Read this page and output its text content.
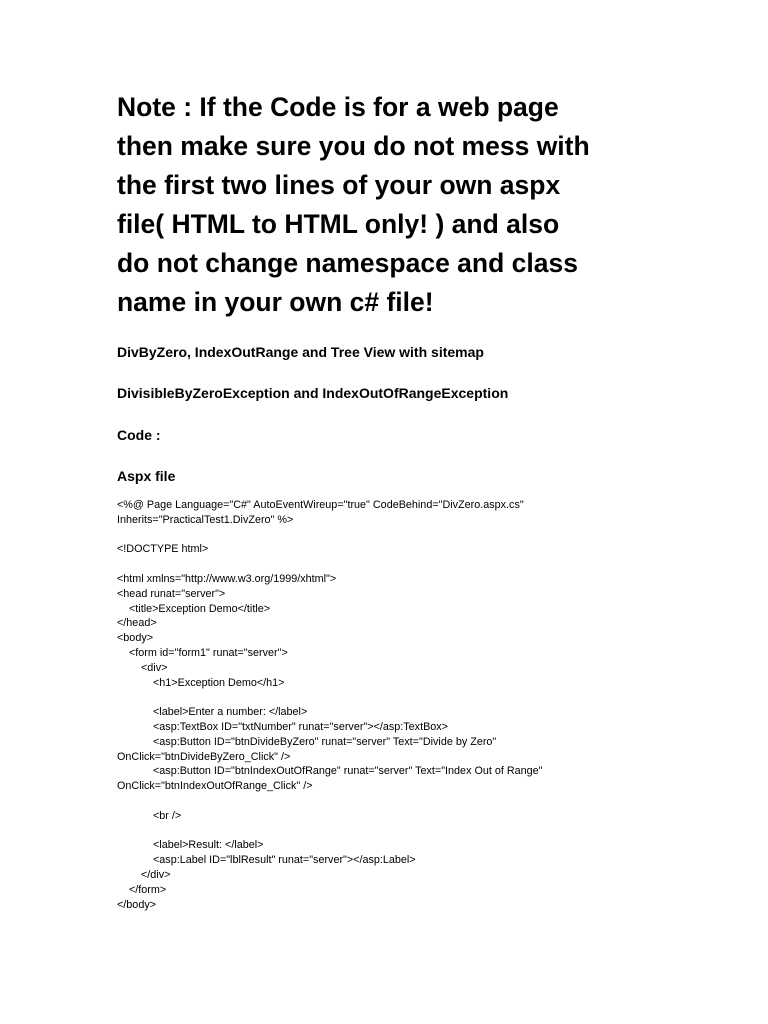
Note : If the Code is for a web page
then make sure you do not mess with
the first two lines of your own aspx
file( HTML to HTML only! ) and also
do not change namespace and class
name in your own c# file!

DivByZero, IndexOutRange and Tree View with sitemap

DivisibleByZeroException and IndexOutOfRangeException

Code :

Aspx file

<%@ Page Language="C#" AutoEventWireup="true" CodeBehind="DivZero.aspx.cs"
Inherits="PracticalTest1.DivZero" %>
<!DOCTYPE html>
<html xmlns="http://www.w3.org/1999/xhtml">
<head runat="server">
<title>Exception Demo</title>
</head>
<body>
<form id="form1" runat="server">
<div>
<h1>Exception Demo</h1>
<label>Enter a number: </label>
<asp:TextBox ID="txtNumber" runat="server"></asp:TextBox>
<asp:Button ID="btnDivideByZero" runat="server" Text="Divide by Zero"
OnClick="btnDivideByZero_Click" />
<asp:Button ID="btnIndexOutOfRange" runat="server" Text="Index Out of Range"
OnClick="btnIndexOutOfRange_Click" />
<br />
<label>Result: </label>
<asp:Label ID="lblResult" runat="server"></asp:Label>
</div>
</form>
</body>
